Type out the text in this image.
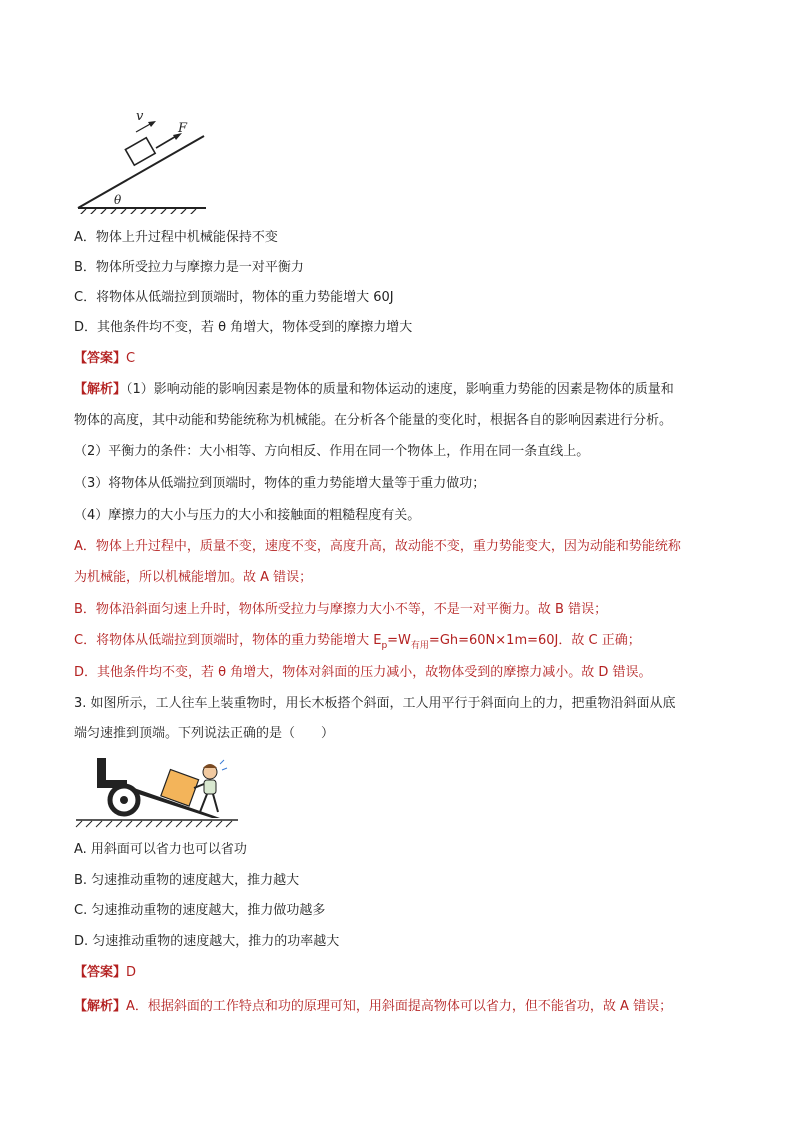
v
F
θ
A．物体上升过程中机械能保持不变
B．物体所受拉力与摩擦力是一对平衡力
C．将物体从低端拉到顶端时，物体的重力势能增大 60J
D．其他条件均不变，若 θ 角增大，物体受到的摩擦力增大
【答案】C
【解析】（1）影响动能的影响因素是物体的质量和物体运动的速度，影响重力势能的因素是物体的质量和
物体的高度，其中动能和势能统称为机械能。在分析各个能量的变化时，根据各自的影响因素进行分析。
（2）平衡力的条件：大小相等、方向相反、作用在同一个物体上，作用在同一条直线上。
（3）将物体从低端拉到顶端时，物体的重力势能增大量等于重力做功；
（4）摩擦力的大小与压力的大小和接触面的粗糙程度有关。
A．物体上升过程中，质量不变，速度不变，高度升高，故动能不变，重力势能变大，因为动能和势能统称
为机械能，所以机械能增加。故 A 错误；
B．物体沿斜面匀速上升时，物体所受拉力与摩擦力大小不等，不是一对平衡力。故 B 错误；
C．将物体从低端拉到顶端时，物体的重力势能增大 $E_p=W_{有用}=Gh=60N\times 1m=60J$．故 C 正确；
D．其他条件均不变，若 θ 角增大，物体对斜面的压力减小，故物体受到的摩擦力减小。故 D 错误。
3. 如图所示，工人往车上装重物时，用长木板搭个斜面，工人用平行于斜面向上的力，把重物沿斜面从底
端匀速推到顶端。下列说法正确的是（　　）
A. 用斜面可以省力也可以省功
B. 匀速推动重物的速度越大，推力越大
C. 匀速推动重物的速度越大，推力做功越多
D. 匀速推动重物的速度越大，推力的功率越大
【答案】D
【解析】A．根据斜面的工作特点和功的原理可知，用斜面提高物体可以省力，但不能省功，故 A 错误；
